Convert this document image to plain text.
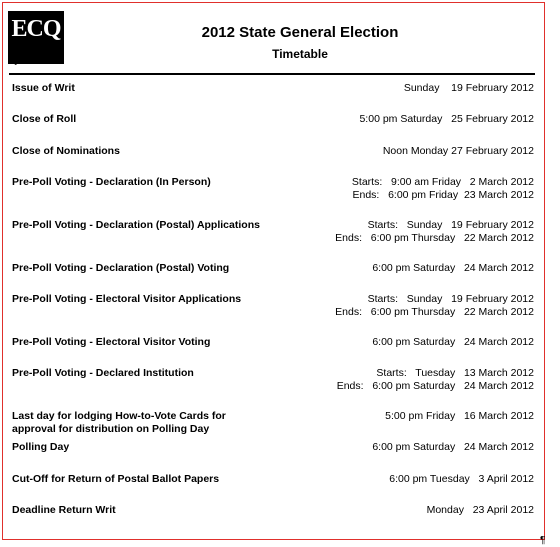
ECQ
ELECTORAL COMMISSION
QUEENSLAND
2012 State General Election
Timetable
Issue of Writ	Sunday    19 February 2012
Close of Roll	5:00 pm Saturday   25 February 2012
Close of Nominations	Noon Monday 27 February 2012
Pre-Poll Voting - Declaration (In Person)	Starts:   9:00 am Friday   2 March 2012
Ends:   6:00 pm Friday  23 March 2012
Pre-Poll Voting - Declaration (Postal) Applications	Starts:   Sunday   19 February 2012
Ends:   6:00 pm Thursday   22 March 2012
Pre-Poll Voting - Declaration (Postal) Voting	6:00 pm Saturday   24 March 2012
Pre-Poll Voting - Electoral Visitor Applications	Starts:   Sunday   19 February 2012
Ends:   6:00 pm Thursday   22 March 2012
Pre-Poll Voting - Electoral Visitor Voting	6:00 pm Saturday   24 March 2012
Pre-Poll Voting - Declared Institution	Starts:   Tuesday   13 March 2012
Ends:   6:00 pm Saturday   24 March 2012
Last day for lodging How-to-Vote Cards for approval for distribution on Polling Day
5:00 pm Friday   16 March 2012
Polling Day	6:00 pm Saturday   24 March 2012
Cut-Off for Return of Postal Ballot Papers	6:00 pm Tuesday   3 April 2012
Deadline Return Writ	Monday   23 April 2012
¶
